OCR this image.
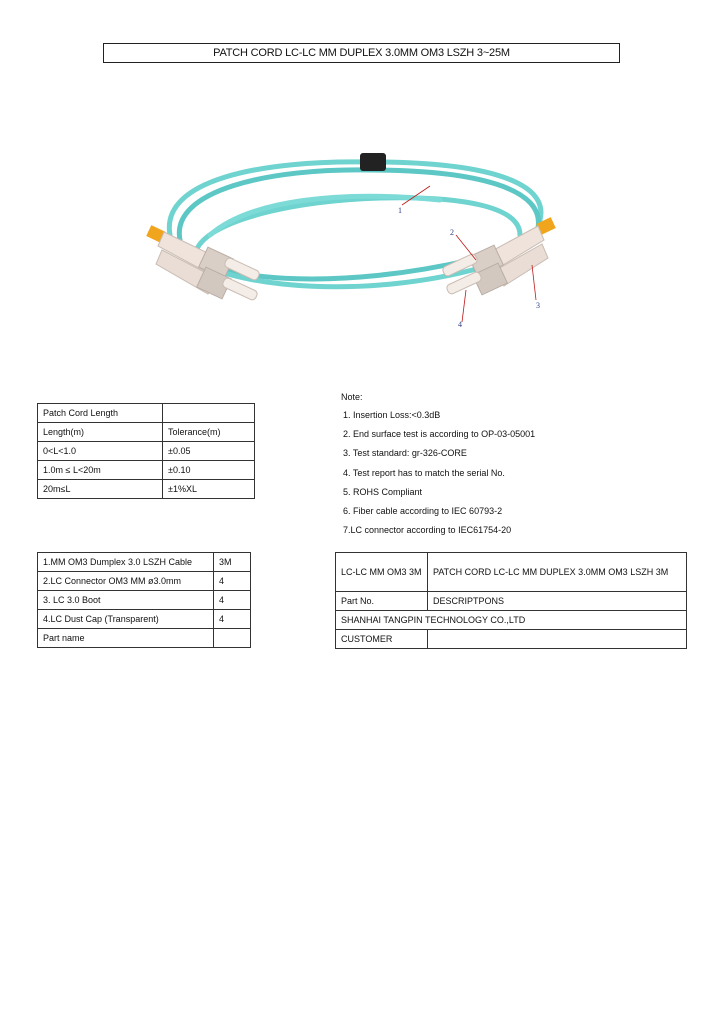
PATCH CORD LC-LC MM DUPLEX 3.0MM OM3 LSZH 3~25M
1
2
3
4
Patch Cord Length	
Length(m)	Tolerance(m)
0<L<1.0	±0.05
1.0m ≤ L<20m	±0.10
20m≤L	±1%XL
Note:
1. Insertion Loss:<0.3dB
2. End surface test is according to OP-03-05001
3. Test standard: gr-326-CORE
4. Test report has to match the serial No.
5. ROHS Compliant
6. Fiber cable according to IEC 60793-2
7.LC connector according to IEC61754-20
1.MM OM3 Dumplex 3.0 LSZH Cable	3M
2.LC Connector OM3 MM ø3.0mm	4
3. LC 3.0 Boot	4
4.LC Dust Cap (Transparent)	4
Part name	
LC-LC MM OM3 3M	PATCH CORD LC-LC MM DUPLEX 3.0MM OM3 LSZH 3M
Part No.	DESCRIPTPONS
SHANHAI TANGPIN TECHNOLOGY CO.,LTD	
CUSTOMER	
